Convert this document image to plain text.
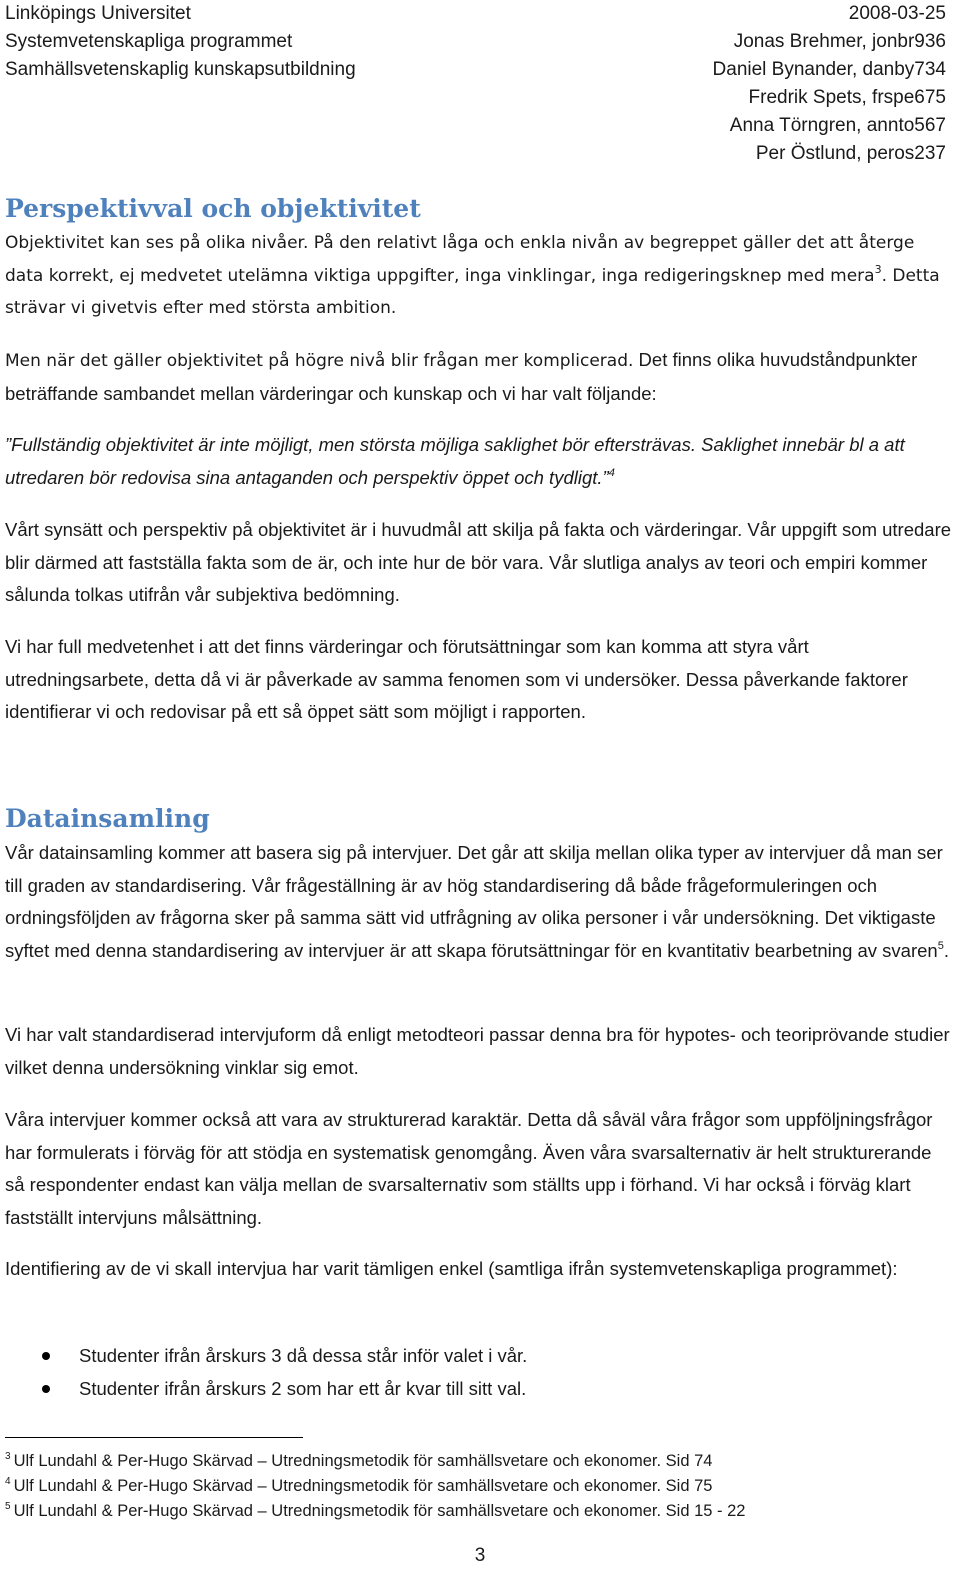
Linköpings Universitet
Systemvetenskapliga programmet
Samhällsvetenskaplig kunskapsutbildning
2008-03-25
Jonas Brehmer, jonbr936
Daniel Bynander, danby734
Fredrik Spets, frspe675
Anna Törngren, annto567
Per Östlund, peros237
Perspektivval och objektivitet

Objektivitet kan ses på olika nivåer. På den relativt låga och enkla nivån av begreppet gäller det att återge data korrekt, ej medvetet utelämna viktiga uppgifter, inga vinklingar, inga redigeringsknep med mera$^3$. Detta strävar vi givetvis efter med största ambition.

Men när det gäller objektivitet på högre nivå blir frågan mer komplicerad. Det finns olika huvudståndpunkter beträffande sambandet mellan värderingar och kunskap och vi har valt följande:

”Fullständig objektivitet är inte möjligt, men största möjliga saklighet bör eftersträvas. Saklighet innebär bl a att utredaren bör redovisa sina antaganden och perspektiv öppet och tydligt.”$^4$

Vårt synsätt och perspektiv på objektivitet är i huvudmål att skilja på fakta och värderingar. Vår uppgift som utredare blir därmed att fastställa fakta som de är, och inte hur de bör vara. Vår slutliga analys av teori och empiri kommer sålunda tolkas utifrån vår subjektiva bedömning.

Vi har full medvetenhet i att det finns värderingar och förutsättningar som kan komma att styra vårt utredningsarbete, detta då vi är påverkade av samma fenomen som vi undersöker. Dessa påverkande faktorer identifierar vi och redovisar på ett så öppet sätt som möjligt i rapporten.

Datainsamling

Vår datainsamling kommer att basera sig på intervjuer. Det går att skilja mellan olika typer av intervjuer då man ser till graden av standardisering. Vår frågeställning är av hög standardisering då både frågeformuleringen och ordningsföljden av frågorna sker på samma sätt vid utfrågning av olika personer i vår undersökning. Det viktigaste syftet med denna standardisering av intervjuer är att skapa förutsättningar för en kvantitativ bearbetning av svaren$^5$.

Vi har valt standardiserad intervjuform då enligt metodteori passar denna bra för hypotes- och teoriprövande studier vilket denna undersökning vinklar sig emot.

Våra intervjuer kommer också att vara av strukturerad karaktär. Detta då såväl våra frågor som uppföljningsfrågor har formulerats i förväg för att stödja en systematisk genomgång. Även våra svarsalternativ är helt strukturerande så respondenter endast kan välja mellan de svarsalternativ som ställts upp i förhand. Vi har också i förväg klart fastställt intervjuns målsättning.

Identifiering av de vi skall intervjua har varit tämligen enkel (samtliga ifrån systemvetenskapliga programmet):

Studenter ifrån årskurs 3 då dessa står inför valet i vår.
Studenter ifrån årskurs 2 som har ett år kvar till sitt val.
$^3$ Ulf Lundahl & Per-Hugo Skärvad – Utredningsmetodik för samhällsvetare och ekonomer. Sid 74
$^4$ Ulf Lundahl & Per-Hugo Skärvad – Utredningsmetodik för samhällsvetare och ekonomer. Sid 75
$^5$ Ulf Lundahl & Per-Hugo Skärvad – Utredningsmetodik för samhällsvetare och ekonomer. Sid 15 - 22
3
